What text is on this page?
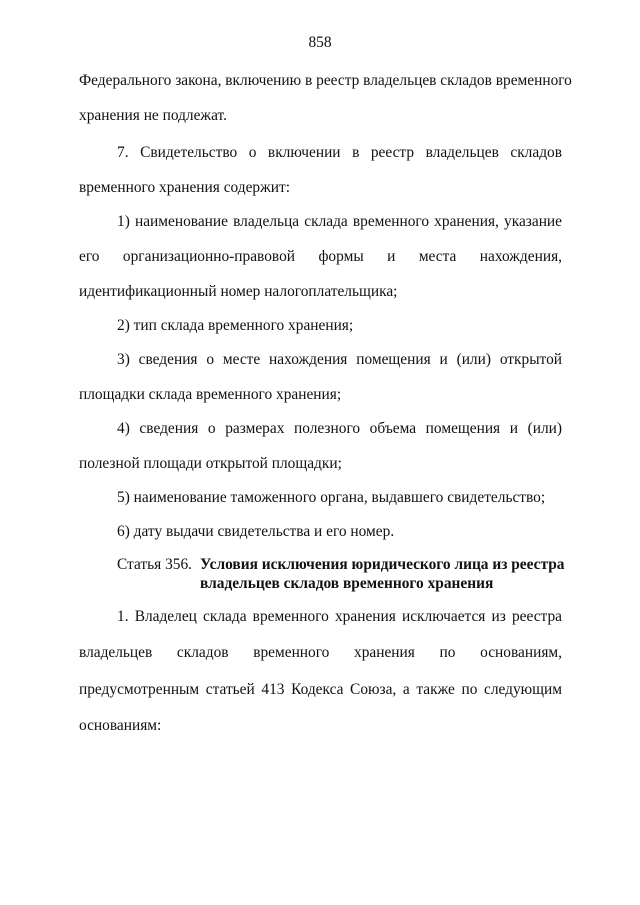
858
Федерального закона, включению в реестр владельцев складов временного
хранения не подлежат.
7. Свидетельство о включении в реестр владельцев складов
временного хранения содержит:
1) наименование владельца склада временного хранения, указание
его организационно-правовой формы и места нахождения,
идентификационный номер налогоплательщика;
2) тип склада временного хранения;
3) сведения о месте нахождения помещения и (или) открытой
площадки склада временного хранения;
4) сведения о размерах полезного объема помещения и (или)
полезной площади открытой площадки;
5) наименование таможенного органа, выдавшего свидетельство;
6) дату выдачи свидетельства и его номер.
Статья 356. Условия исключения юридического лица из реестра
владельцев складов временного хранения
1. Владелец склада временного хранения исключается из реестра
владельцев складов временного хранения по основаниям,
предусмотренным статьей 413 Кодекса Союза, а также по следующим
основаниям:
